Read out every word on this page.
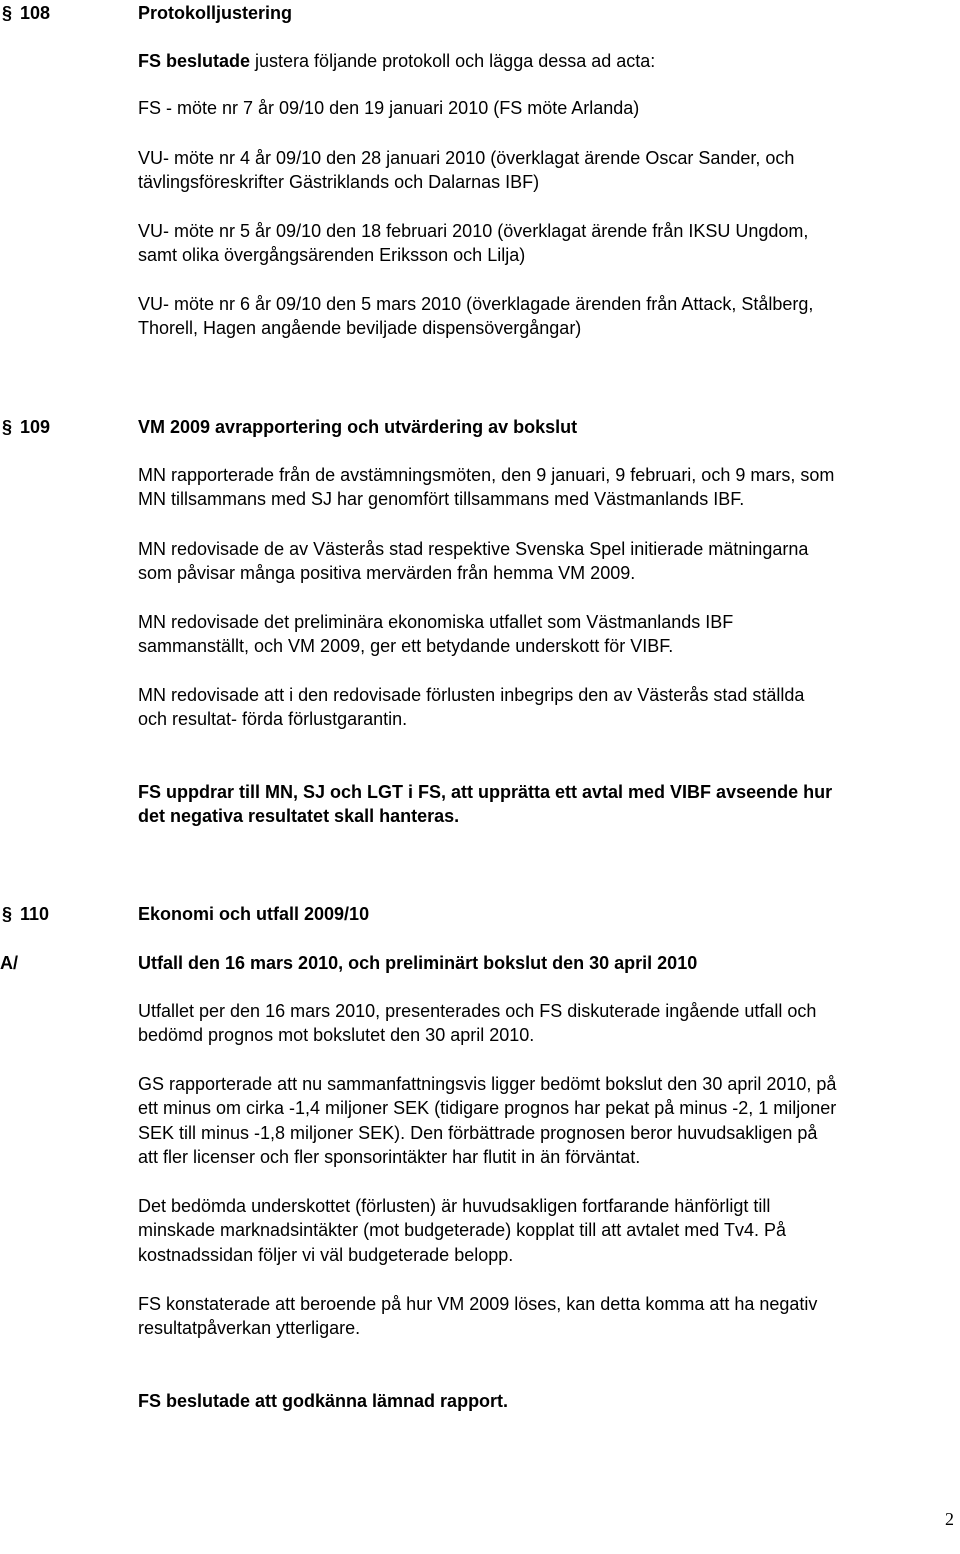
§ 108	Protokolljustering
FS beslutade justera följande protokoll och lägga dessa ad acta:
FS - möte nr 7 år 09/10 den 19 januari 2010 (FS möte Arlanda)
VU- möte nr 4 år 09/10 den 28 januari 2010 (överklagat ärende Oscar Sander, och
tävlingsföreskrifter Gästriklands och Dalarnas IBF)
VU- möte nr 5 år 09/10 den 18 februari 2010 (överklagat ärende från IKSU Ungdom,
samt olika övergångsärenden Eriksson och Lilja)
VU- möte nr 6 år 09/10 den 5 mars 2010 (överklagade ärenden från Attack, Stålberg,
Thorell, Hagen angående beviljade dispensövergångar)
§ 109	VM 2009 avrapportering och utvärdering av bokslut
MN rapporterade från de avstämningsmöten, den 9 januari, 9 februari, och 9 mars, som
MN tillsammans med SJ har genomfört tillsammans med Västmanlands IBF.
MN redovisade de av Västerås stad respektive Svenska Spel initierade mätningarna
som påvisar många positiva mervärden från hemma VM 2009.
MN redovisade det preliminära ekonomiska utfallet som Västmanlands IBF
sammanställt, och VM 2009, ger ett betydande underskott för VIBF.
MN redovisade att i den redovisade förlusten inbegrips den av Västerås stad ställda
och resultat- förda förlustgarantin.
FS uppdrar till MN, SJ och LGT i FS, att upprätta ett avtal med VIBF avseende hur
det negativa resultatet skall hanteras.
§ 110	Ekonomi och utfall 2009/10
A/	Utfall den 16 mars 2010, och preliminärt bokslut den 30 april 2010
Utfallet per den 16 mars 2010, presenterades och FS diskuterade ingående utfall och
bedömd prognos mot bokslutet den 30 april 2010.
GS rapporterade att nu sammanfattningsvis ligger bedömt bokslut den 30 april 2010, på
ett minus om cirka -1,4 miljoner SEK (tidigare prognos har pekat på minus -2, 1 miljoner
SEK till minus -1,8 miljoner SEK). Den förbättrade prognosen beror huvudsakligen på
att fler licenser och fler sponsorintäkter har flutit in än förväntat.
Det bedömda underskottet (förlusten) är huvudsakligen fortfarande hänförligt till
minskade marknadsintäkter (mot budgeterade) kopplat till att avtalet med Tv4. På
kostnadssidan följer vi väl budgeterade belopp.
FS konstaterade att beroende på hur VM 2009 löses, kan detta komma att ha negativ
resultatpåverkan ytterligare.
FS beslutade att godkänna lämnad rapport.
2
